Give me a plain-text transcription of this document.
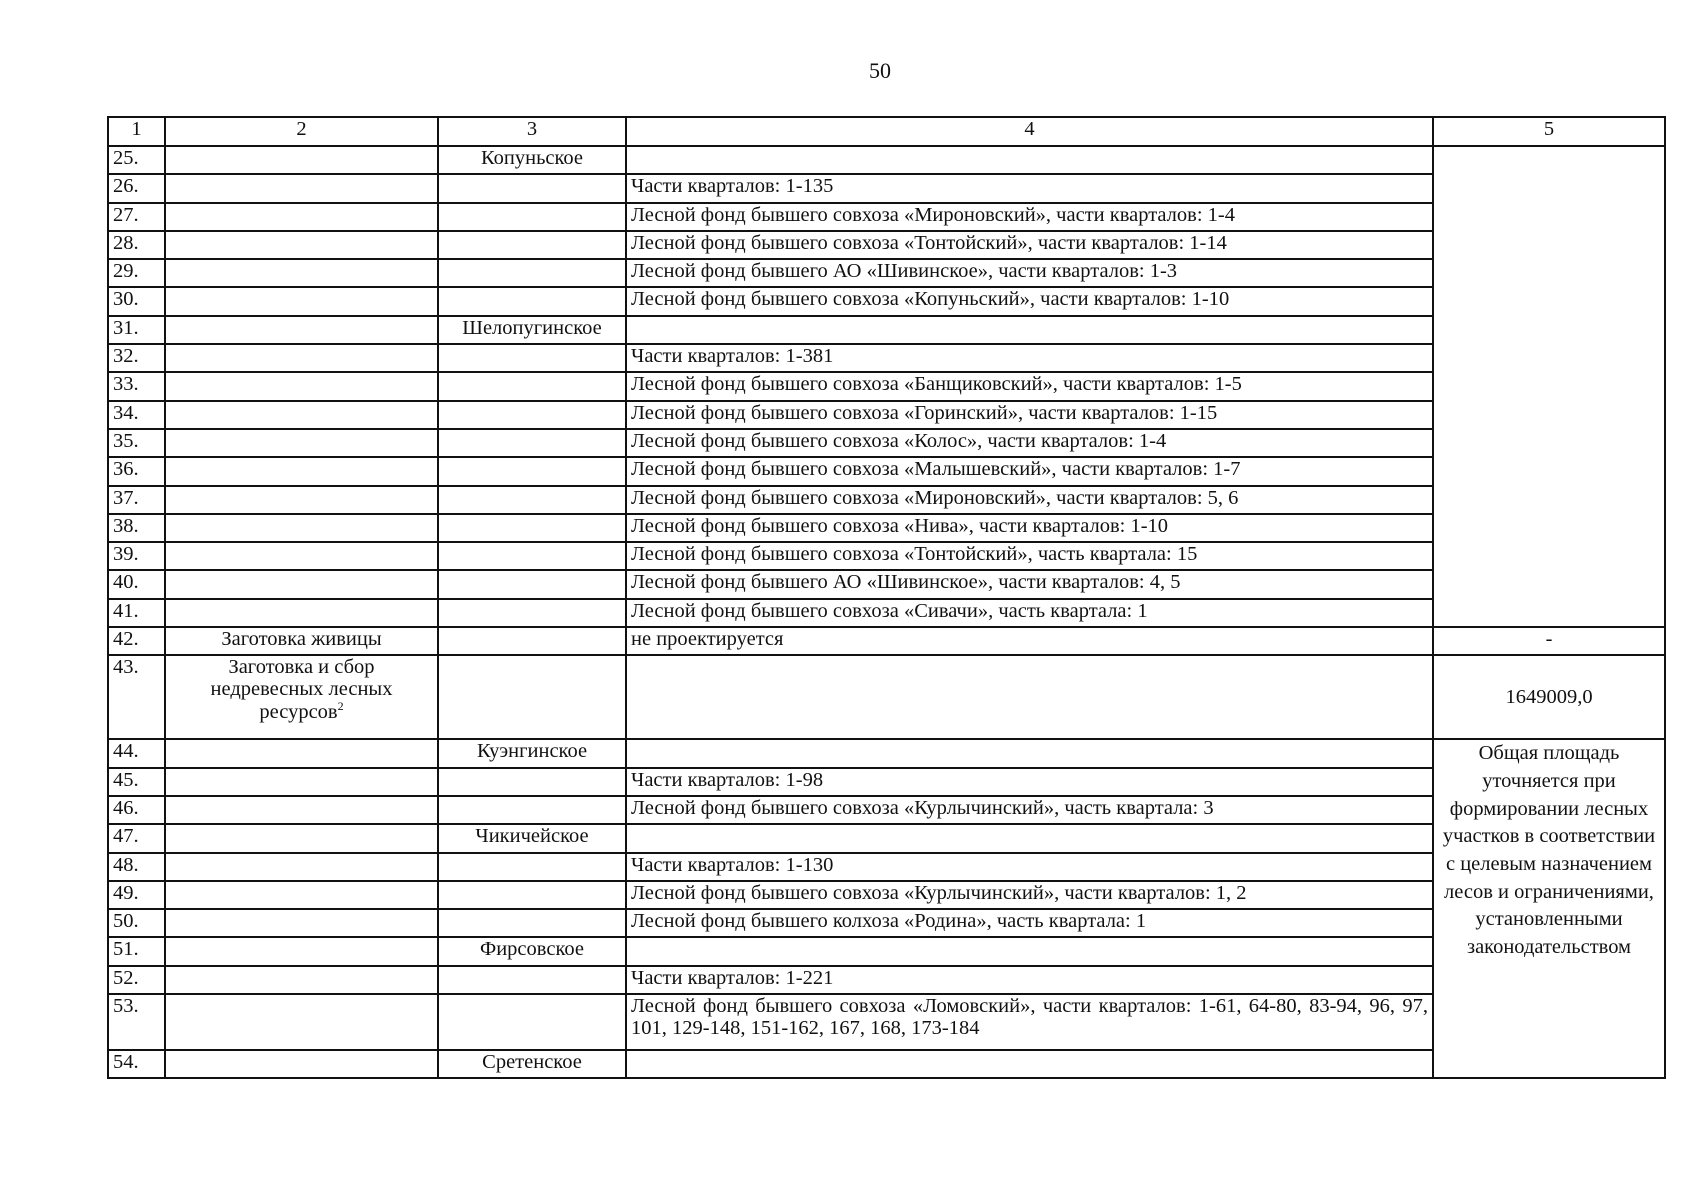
50
1	2	3	4	5
25.		Копуньское		
26.			Части кварталов: 1-135	
27.			Лесной фонд бывшего совхоза «Мироновский», части кварталов: 1-4	
28.			Лесной фонд бывшего совхоза «Тонтойский», части кварталов: 1-14	
29.			Лесной фонд бывшего АО «Шивинское», части кварталов: 1-3	
30.			Лесной фонд бывшего совхоза «Копуньский», части кварталов: 1-10	
31.		Шелопугинское		
32.			Части кварталов: 1-381	
33.			Лесной фонд бывшего совхоза «Банщиковский», части кварталов: 1-5	
34.			Лесной фонд бывшего совхоза «Горинский», части кварталов: 1-15	
35.			Лесной фонд бывшего совхоза «Колос», части кварталов: 1-4	
36.			Лесной фонд бывшего совхоза «Малышевский», части кварталов: 1-7	
37.			Лесной фонд бывшего совхоза «Мироновский», части кварталов: 5, 6	
38.			Лесной фонд бывшего совхоза «Нива», части кварталов: 1-10	
39.			Лесной фонд бывшего совхоза «Тонтойский», часть квартала: 15	
40.			Лесной фонд бывшего АО «Шивинское», части кварталов: 4, 5	
41.			Лесной фонд бывшего совхоза «Сивачи», часть квартала: 1	
42.	Заготовка живицы		не проектируется	-
43.	Заготовка и сбор недревесных лесных ресурсов$^2$			1649009,0
44.		Куэнгинское		Общая площадь уточняется при формировании лесных участков в соответствии с целевым назначением лесов и ограничениями, установленными законодательством
45.			Части кварталов: 1-98	
46.			Лесной фонд бывшего совхоза «Курлычинский», часть квартала: 3	
47.		Чикичейское		
48.			Части кварталов: 1-130	
49.			Лесной фонд бывшего совхоза «Курлычинский», части кварталов: 1, 2	
50.			Лесной фонд бывшего колхоза «Родина», часть квартала: 1	
51.		Фирсовское		
52.			Части кварталов: 1-221	
53.			Лесной фонд бывшего совхоза «Ломовский», части кварталов: 1-61, 64-80, 83-94, 96, 97, 101, 129-148, 151-162, 167, 168, 173-184	
54.		Сретенское		
